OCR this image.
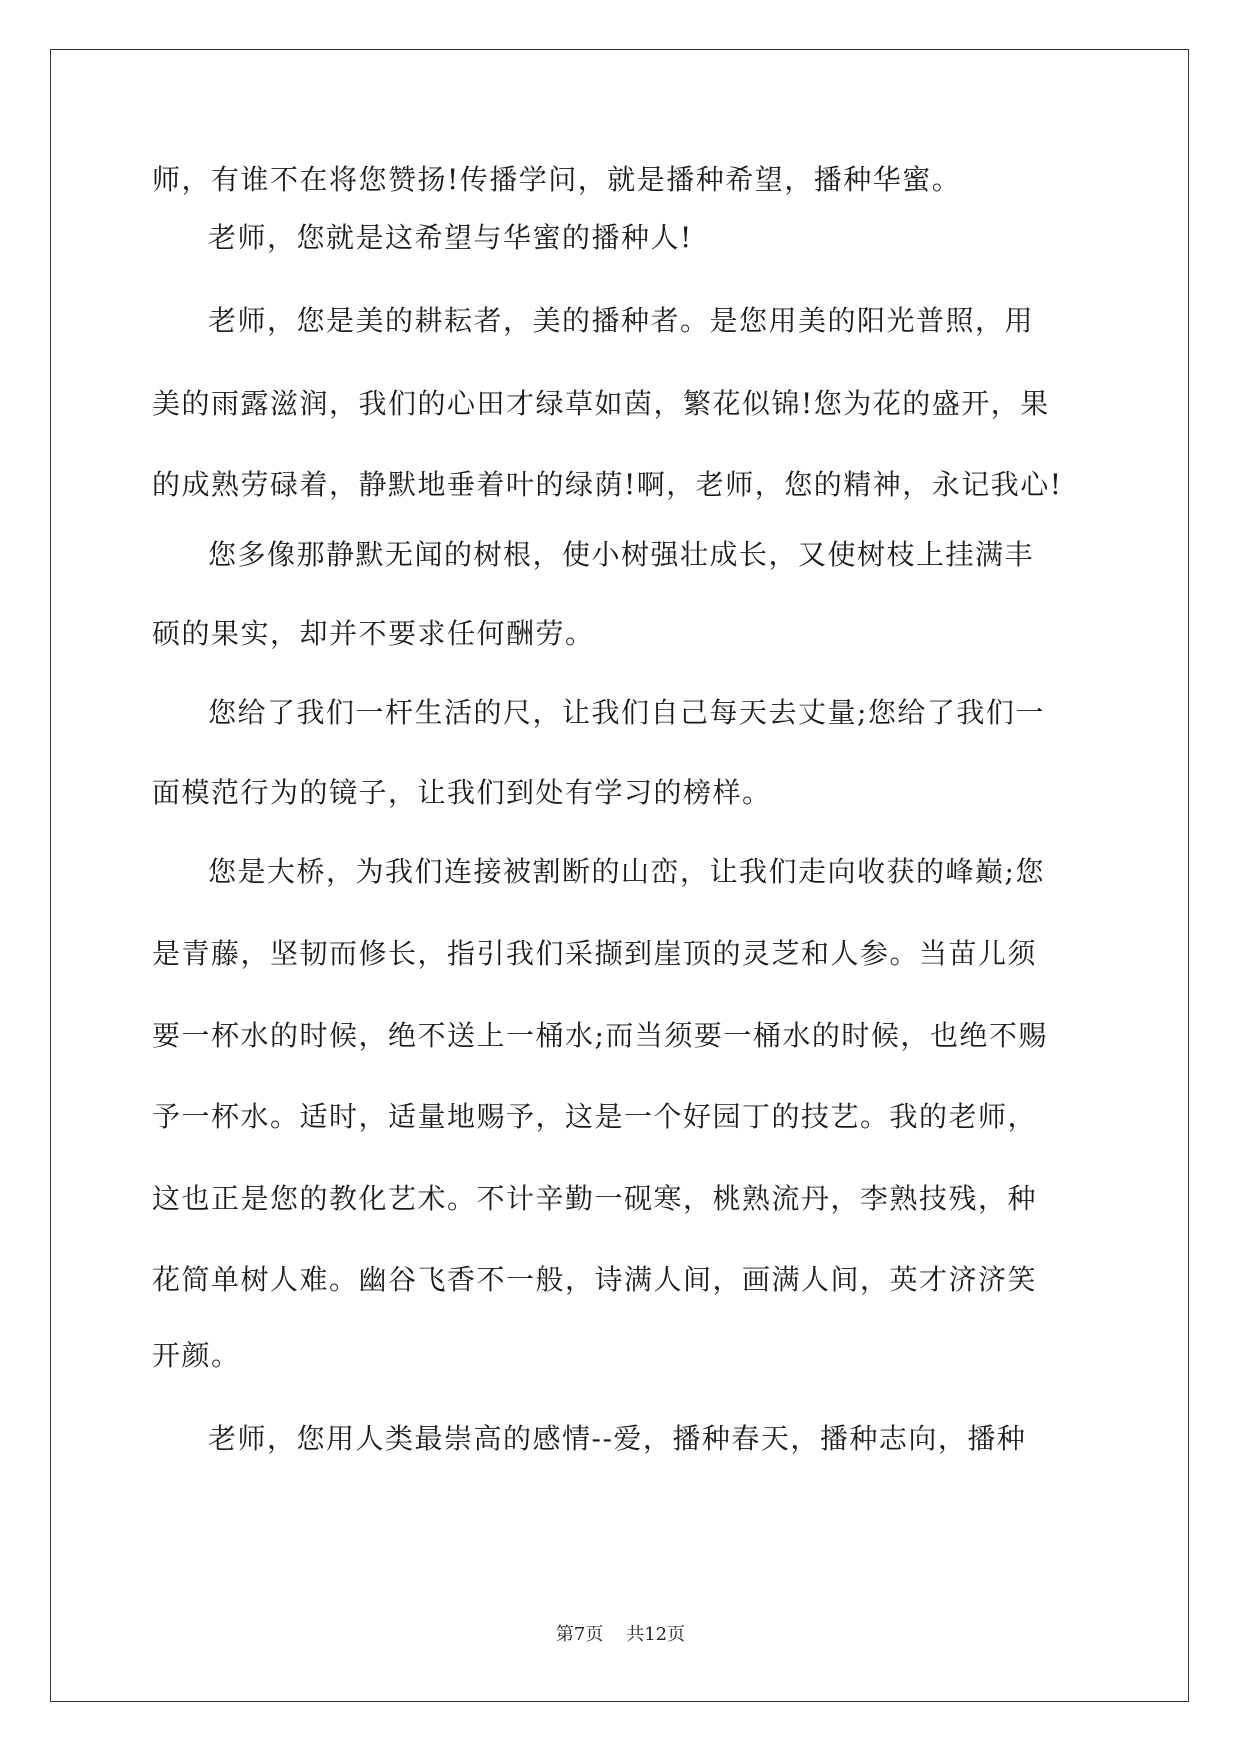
师，有谁不在将您赞扬!传播学问，就是播种希望，播种华蜜。
老师，您就是这希望与华蜜的播种人!
老师，您是美的耕耘者，美的播种者。是您用美的阳光普照，用
美的雨露滋润，我们的心田才绿草如茵，繁花似锦!您为花的盛开，果
的成熟劳碌着，静默地垂着叶的绿荫!啊，老师，您的精神，永记我心!
您多像那静默无闻的树根，使小树强壮成长，又使树枝上挂满丰
硕的果实，却并不要求任何酬劳。
您给了我们一杆生活的尺，让我们自己每天去丈量;您给了我们一
面模范行为的镜子，让我们到处有学习的榜样。
您是大桥，为我们连接被割断的山峦，让我们走向收获的峰巅;您
是青藤，坚韧而修长，指引我们采撷到崖顶的灵芝和人参。当苗儿须
要一杯水的时候，绝不送上一桶水;而当须要一桶水的时候，也绝不赐
予一杯水。适时，适量地赐予，这是一个好园丁的技艺。我的老师，
这也正是您的教化艺术。不计辛勤一砚寒，桃熟流丹，李熟技残，种
花简单树人难。幽谷飞香不一般，诗满人间，画满人间，英才济济笑
开颜。
老师，您用人类最崇高的感情--爱，播种春天，播种志向，播种
第7页    共12页
